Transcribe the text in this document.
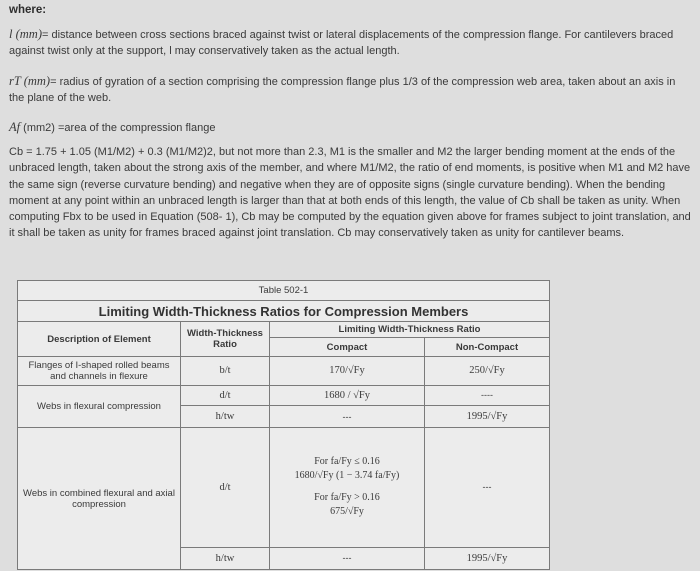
where:
l (mm)= distance between cross sections braced against twist or lateral displacements of the compression flange. For cantilevers braced against twist only at the support, l may conservatively taken as the actual length.
rT (mm)= radius of gyration of a section comprising the compression flange plus 1/3 of the compression web area, taken about an axis in the plane of the web.
Af (mm2) =area of the compression flange
Cb = 1.75 + 1.05 (M1/M2) + 0.3 (M1/M2)2, but not more than 2.3, M1 is the smaller and M2 the larger bending moment at the ends of the unbraced length, taken about the strong axis of the member, and where M1/M2, the ratio of end moments, is positive when M1 and M2 have the same sign (reverse curvature bending) and negative when they are of opposite signs (single curvature bending). When the bending moment at any point within an unbraced length is larger than that at both ends of this length, the value of Cb shall be taken as unity. When computing Fbx to be used in Equation (508- 1), Cb may be computed by the equation given above for frames subject to joint translation, and it shall be taken as unity for frames braced against joint translation. Cb may conservatively taken as unity for cantilever beams.
Table 502-1			
Limiting Width-Thickness Ratios for Compression Members			
Description of Element	Width-Thickness Ratio	Limiting Width-Thickness Ratio	
		Compact	Non-Compact
Flanges of I-shaped rolled beams and channels in flexure	b/t	170/√Fy	250/√Fy
Webs in flexural compression	d/t	1680 / √Fy	----
	h/tw	---	1995/√Fy
Webs in combined flexural and axial compression	d/t	For fa/Fy ≤ 0.16
1680/√Fy (1 − 3.74 fa/Fy)
For fa/Fy > 0.16
675/√Fy	---
	h/tw	---	1995/√Fy
